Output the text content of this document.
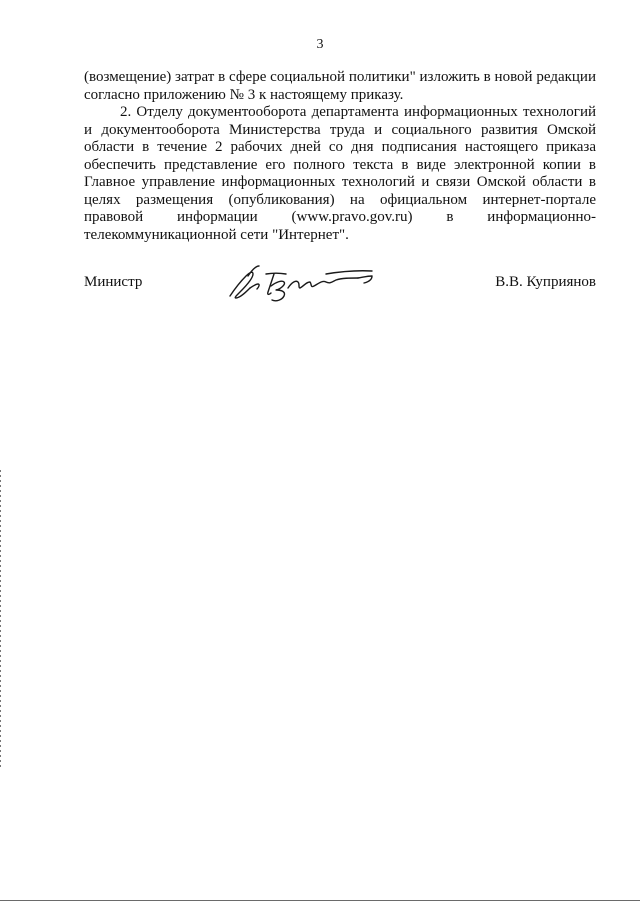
3

(возмещение) затрат в сфере социальной политики" изложить в новой редакции согласно приложению № 3 к настоящему приказу.

2. Отделу документооборота департамента информационных технологий и документооборота Министерства труда и социального развития Омской области в течение 2 рабочих дней со дня подписания настоящего приказа обеспечить представление его полного текста в виде электронной копии в Главное управление информационных технологий и связи Омской области в целях размещения (опубликования) на официальном интернет-портале правовой информации (www.pravo.gov.ru) в информационно-телекоммуникационной сети "Интернет".

Министр	В.В. Куприянов
